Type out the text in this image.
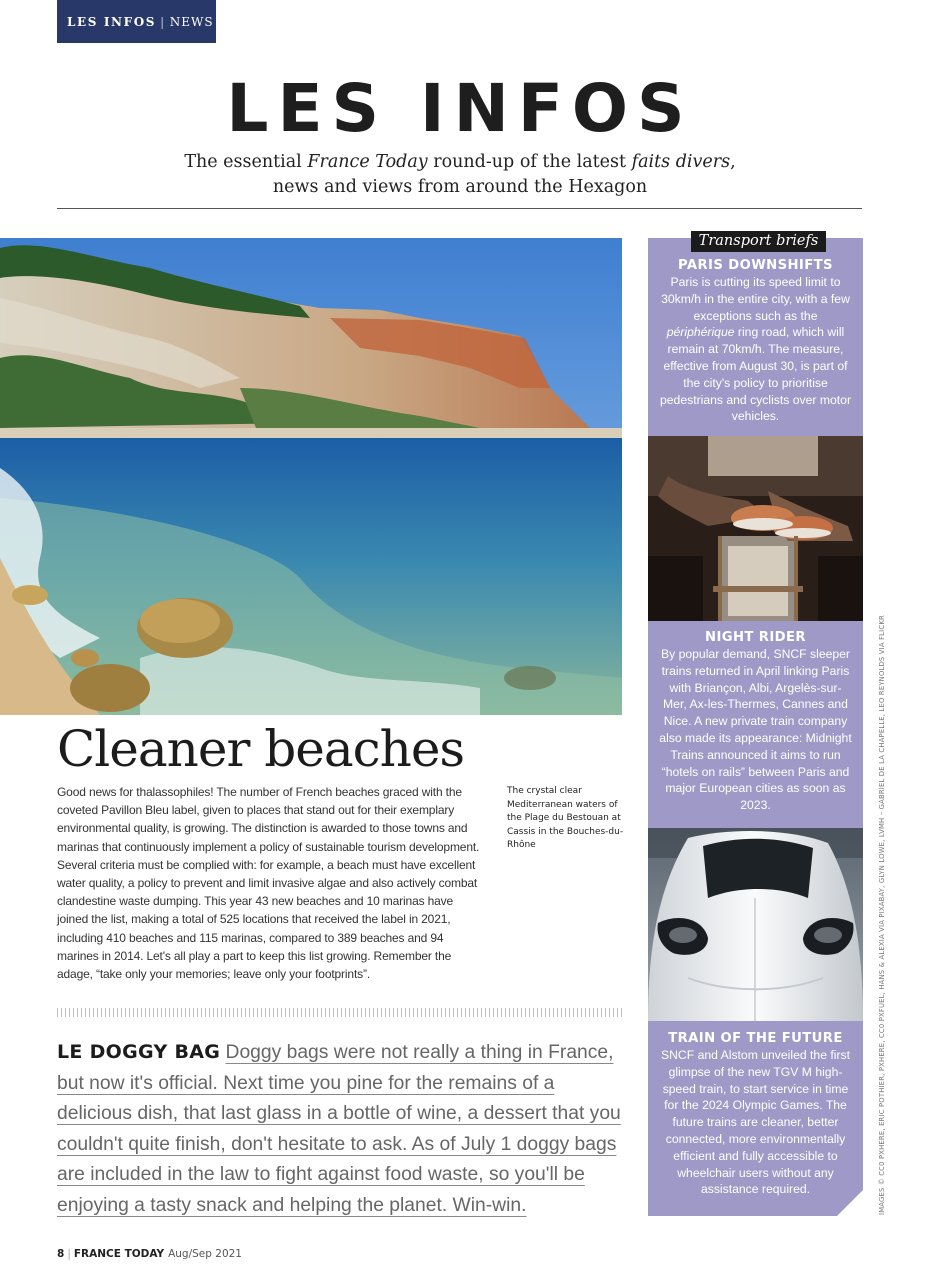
LES INFOS | NEWS
LES INFOS
The essential France Today round-up of the latest faits divers,
news and views from around the Hexagon
Cleaner beaches
Good news for thalassophiles! The number of French beaches graced with the coveted Pavillon Bleu label, given to places that stand out for their exemplary environmental quality, is growing. The distinction is awarded to those towns and marinas that continuously implement a policy of sustainable tourism development. Several criteria must be complied with: for example, a beach must have excellent water quality, a policy to prevent and limit invasive algae and also actively combat clandestine waste dumping. This year 43 new beaches and 10 marinas have joined the list, making a total of 525 locations that received the label in 2021, including 410 beaches and 115 marinas, compared to 389 beaches and 94 marines in 2014. Let's all play a part to keep this list growing. Remember the adage, “take only your memories; leave only your footprints”.
The crystal clear Mediterranean waters of the Plage du Bestouan at Cassis in the Bouches-du-Rhône
LE DOGGY BAG Doggy bags were not really a thing in France, but now it's official. Next time you pine for the remains of a delicious dish, that last glass in a bottle of wine, a dessert that you couldn't quite finish, don't hesitate to ask. As of July 1 doggy bags are included in the law to fight against food waste, so you'll be enjoying a tasty snack and helping the planet. Win-win.
Transport briefs
PARIS DOWNSHIFTS

Paris is cutting its speed limit to 30km/h in the entire city, with a few exceptions such as the périphérique ring road, which will remain at 70km/h. The measure, effective from August 30, is part of the city's policy to prioritise pedestrians and cyclists over motor vehicles.

NIGHT RIDER

By popular demand, SNCF sleeper trains returned in April linking Paris with Briançon, Albi, Argelès-sur-Mer, Ax-les-Thermes, Cannes and Nice. A new private train company also made its appearance: Midnight Trains announced it aims to run “hotels on rails” between Paris and major European cities as soon as 2023.

TRAIN OF THE FUTURE

SNCF and Alstom unveiled the first glimpse of the new TGV M high-speed train, to start service in time for the 2024 Olympic Games. The future trains are cleaner, better connected, more environmentally efficient and fully accessible to wheelchair users without any assistance required.	IMAGES © CC0 PXHERE, ERIC POTHIER, PXHERE, CC0 PXFUEL, HANS & ALEXIA VIA PIXABAY, GLYN LOWE, LVMH – GABRIEL DE LA CHAPELLE, LEO REYNOLDS VIA FLICKR
8 | FRANCE TODAY Aug/Sep 2021
